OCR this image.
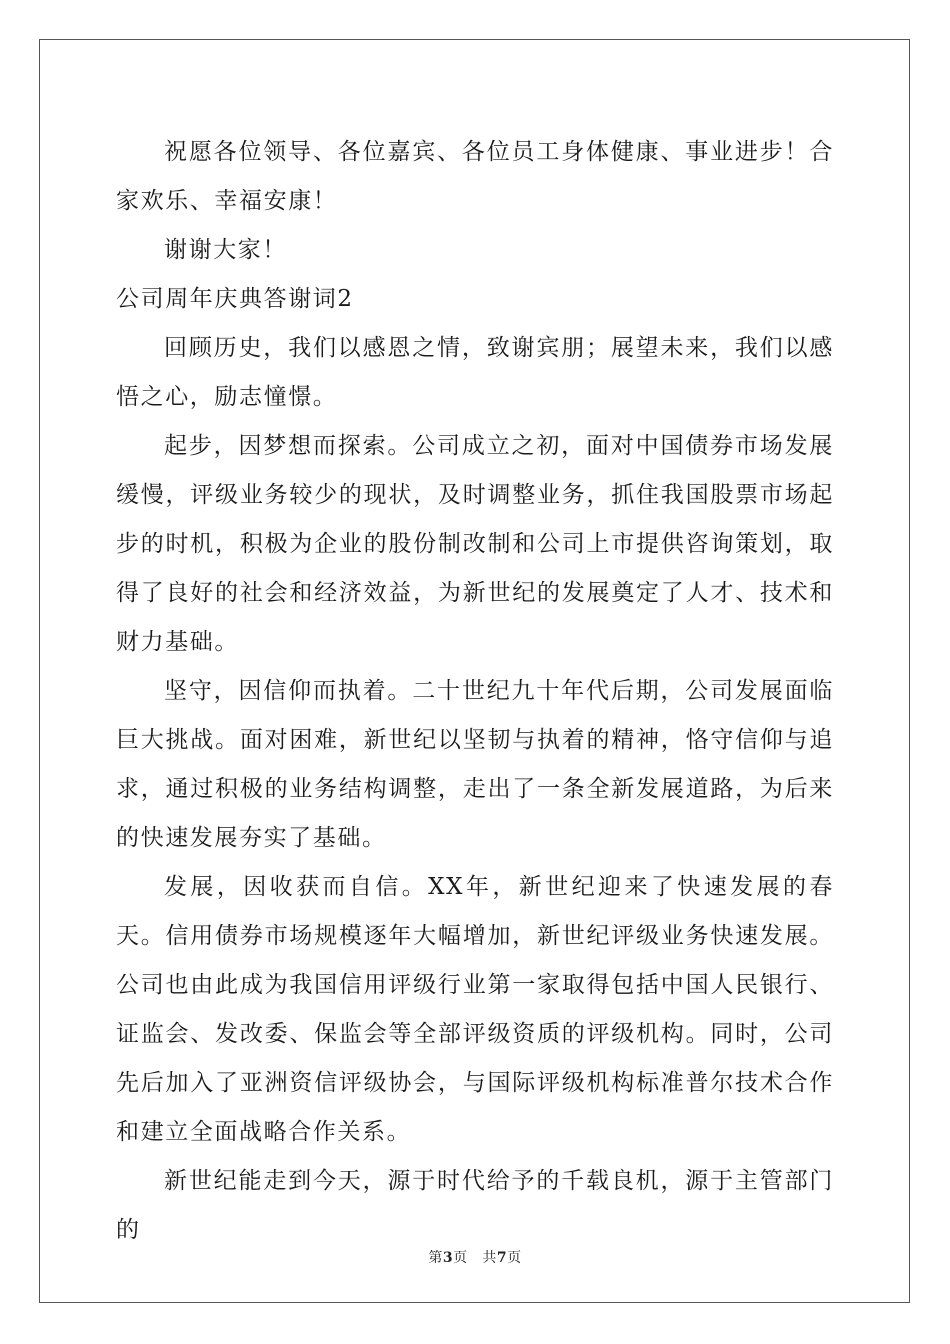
祝愿各位领导、各位嘉宾、各位员工身体健康、事业进步！合家欢乐、幸福安康！

谢谢大家！

公司周年庆典答谢词2

回顾历史，我们以感恩之情，致谢宾朋；展望未来，我们以感悟之心，励志憧憬。

起步，因梦想而探索。公司成立之初，面对中国债券市场发展缓慢，评级业务较少的现状，及时调整业务，抓住我国股票市场起步的时机，积极为企业的股份制改制和公司上市提供咨询策划，取得了良好的社会和经济效益，为新世纪的发展奠定了人才、技术和财力基础。

坚守，因信仰而执着。二十世纪九十年代后期，公司发展面临巨大挑战。面对困难，新世纪以坚韧与执着的精神，恪守信仰与追求，通过积极的业务结构调整，走出了一条全新发展道路，为后来的快速发展夯实了基础。

发展，因收获而自信。XX年，新世纪迎来了快速发展的春天。信用债券市场规模逐年大幅增加，新世纪评级业务快速发展。公司也由此成为我国信用评级行业第一家取得包括中国人民银行、证监会、发改委、保监会等全部评级资质的评级机构。同时，公司先后加入了亚洲资信评级协会，与国际评级机构标准普尔技术合作和建立全面战略合作关系。

新世纪能走到今天，源于时代给予的千载良机，源于主管部门的

第3页 共7页
